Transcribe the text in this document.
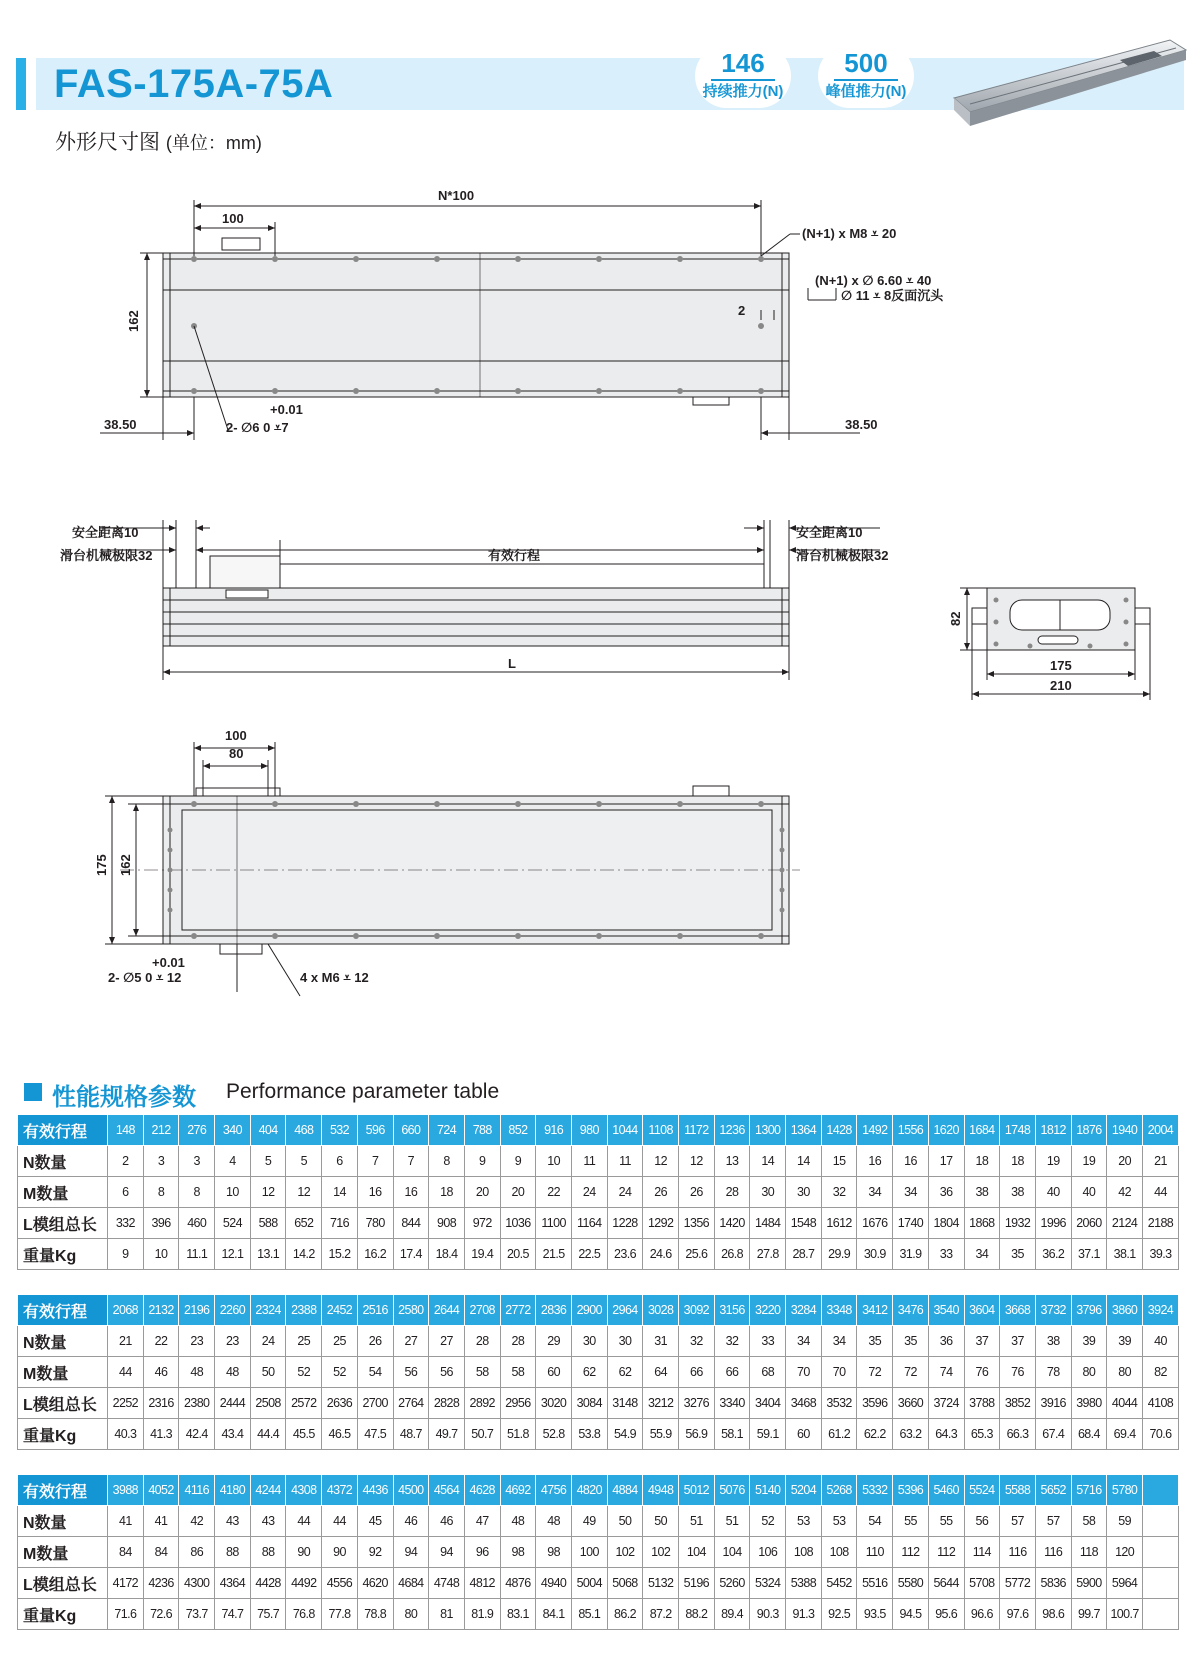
FAS-175A-75A	146
持续推力(N)
500
峰值推力(N)
外形尺寸图 (单位：mm)
N*100
100
162
(N+1) x M8 ⩡ 20
(N+1) x ∅ 6.60 ⩡ 40
∅ 11 ⩡ 8反面沉头
2
38.50	38.50
+0.01
2- ∅6 0 ⩡7
安全距离10	安全距离10
滑台机械极限32	滑台机械极限32
有效行程
L
82
175
210
100
80
175 162
+0.01
2- ∅5 0 ⩡ 12	4 x M6 ⩡ 12
性能规格参数 Performance parameter table
有效行程	148	212	276	340	404	468	532	596	660	724	788	852	916	980	1044	1108	1172	1236	1300	1364	1428	1492	1556	1620	1684	1748	1812	1876	1940	2004
N数量	2	3	3	4	5	5	6	7	7	8	9	9	10	11	11	12	12	13	14	14	15	16	16	17	18	18	19	19	20	21
M数量	6	8	8	10	12	12	14	16	16	18	20	20	22	24	24	26	26	28	30	30	32	34	34	36	38	38	40	40	42	44
L模组总长	332	396	460	524	588	652	716	780	844	908	972	1036	1100	1164	1228	1292	1356	1420	1484	1548	1612	1676	1740	1804	1868	1932	1996	2060	2124	2188
重量Kg	9	10	11.1	12.1	13.1	14.2	15.2	16.2	17.4	18.4	19.4	20.5	21.5	22.5	23.6	24.6	25.6	26.8	27.8	28.7	29.9	30.9	31.9	33	34	35	36.2	37.1	38.1	39.3
有效行程	2068	2132	2196	2260	2324	2388	2452	2516	2580	2644	2708	2772	2836	2900	2964	3028	3092	3156	3220	3284	3348	3412	3476	3540	3604	3668	3732	3796	3860	3924
N数量	21	22	23	23	24	25	25	26	27	27	28	28	29	30	30	31	32	32	33	34	34	35	35	36	37	37	38	39	39	40
M数量	44	46	48	48	50	52	52	54	56	56	58	58	60	62	62	64	66	66	68	70	70	72	72	74	76	76	78	80	80	82
L模组总长	2252	2316	2380	2444	2508	2572	2636	2700	2764	2828	2892	2956	3020	3084	3148	3212	3276	3340	3404	3468	3532	3596	3660	3724	3788	3852	3916	3980	4044	4108
重量Kg	40.3	41.3	42.4	43.4	44.4	45.5	46.5	47.5	48.7	49.7	50.7	51.8	52.8	53.8	54.9	55.9	56.9	58.1	59.1	60	61.2	62.2	63.2	64.3	65.3	66.3	67.4	68.4	69.4	70.6
有效行程	3988	4052	4116	4180	4244	4308	4372	4436	4500	4564	4628	4692	4756	4820	4884	4948	5012	5076	5140	5204	5268	5332	5396	5460	5524	5588	5652	5716	5780	
N数量	41	41	42	43	43	44	44	45	46	46	47	48	48	49	50	50	51	51	52	53	53	54	55	55	56	57	57	58	59	
M数量	84	84	86	88	88	90	90	92	94	94	96	98	98	100	102	102	104	104	106	108	108	110	112	112	114	116	116	118	120	
L模组总长	4172	4236	4300	4364	4428	4492	4556	4620	4684	4748	4812	4876	4940	5004	5068	5132	5196	5260	5324	5388	5452	5516	5580	5644	5708	5772	5836	5900	5964	
重量Kg	71.6	72.6	73.7	74.7	75.7	76.8	77.8	78.8	80	81	81.9	83.1	84.1	85.1	86.2	87.2	88.2	89.4	90.3	91.3	92.5	93.5	94.5	95.6	96.6	97.6	98.6	99.7	100.7	
